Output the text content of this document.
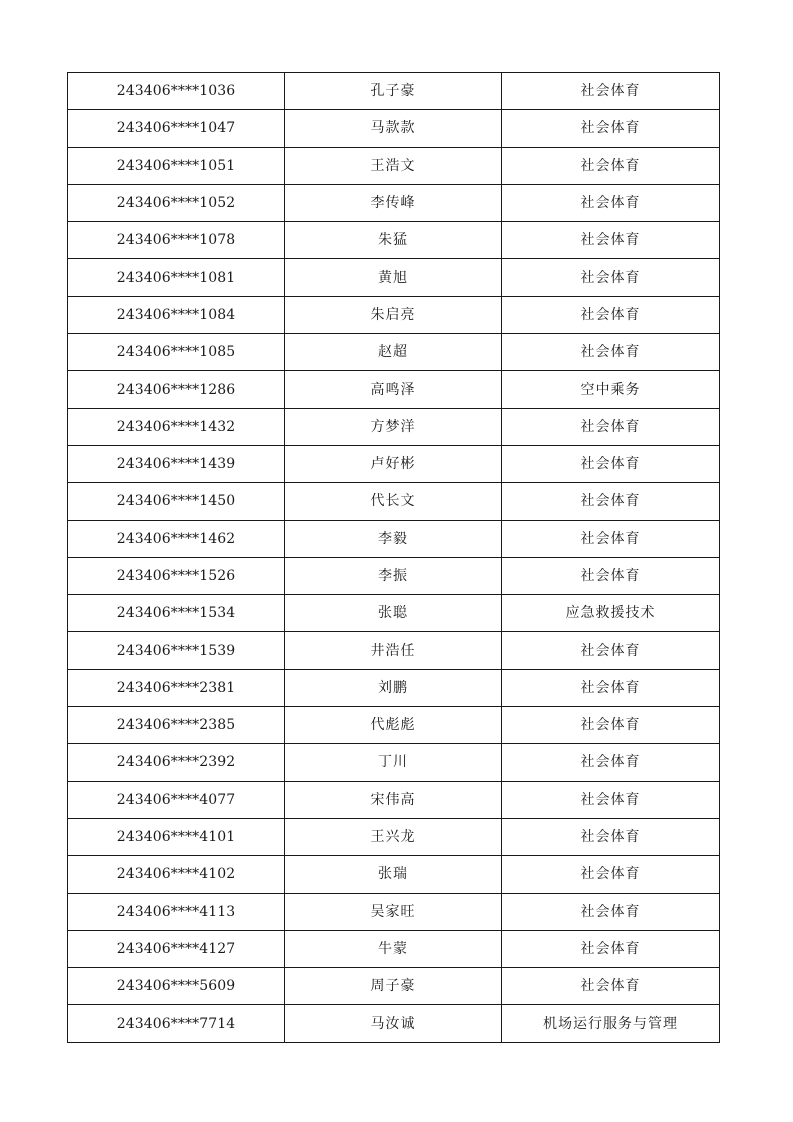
243406****1036	孔子豪	社会体育
243406****1047	马款款	社会体育
243406****1051	王浩文	社会体育
243406****1052	李传峰	社会体育
243406****1078	朱猛	社会体育
243406****1081	黄旭	社会体育
243406****1084	朱启亮	社会体育
243406****1085	赵超	社会体育
243406****1286	高鸣泽	空中乘务
243406****1432	方梦洋	社会体育
243406****1439	卢好彬	社会体育
243406****1450	代长文	社会体育
243406****1462	李毅	社会体育
243406****1526	李振	社会体育
243406****1534	张聪	应急救援技术
243406****1539	井浩任	社会体育
243406****2381	刘鹏	社会体育
243406****2385	代彪彪	社会体育
243406****2392	丁川	社会体育
243406****4077	宋伟高	社会体育
243406****4101	王兴龙	社会体育
243406****4102	张瑞	社会体育
243406****4113	吴家旺	社会体育
243406****4127	牛蒙	社会体育
243406****5609	周子豪	社会体育
243406****7714	马汝诚	机场运行服务与管理
